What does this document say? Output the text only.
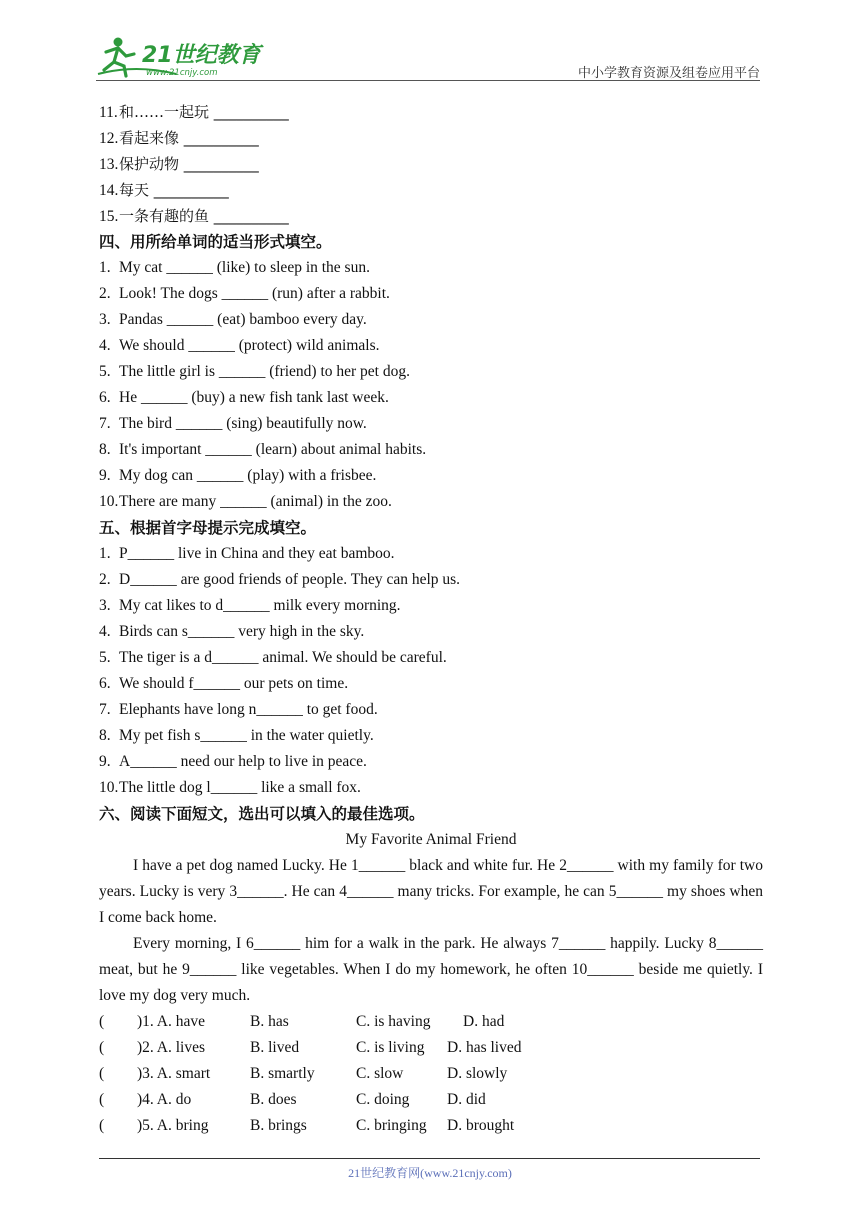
21世纪教育
www.21cnjy.com	中小学教育资源及组卷应用平台
11.和……一起玩 __________
12.看起来像 __________
13.保护动物 __________
14.每天 __________
15.一条有趣的鱼 __________
四、用所给单词的适当形式填空。
1. My cat ______ (like) to sleep in the sun.
2. Look! The dogs ______ (run) after a rabbit.
3. Pandas ______ (eat) bamboo every day.
4. We should ______ (protect) wild animals.
5. The little girl is ______ (friend) to her pet dog.
6. He ______ (buy) a new fish tank last week.
7. The bird ______ (sing) beautifully now.
8. It's important ______ (learn) about animal habits.
9. My dog can ______ (play) with a frisbee.
10.There are many ______ (animal) in the zoo.
五、根据首字母提示完成填空。
1. P______ live in China and they eat bamboo.
2. D______ are good friends of people. They can help us.
3. My cat likes to d______ milk every morning.
4. Birds can s______ very high in the sky.
5. The tiger is a d______ animal. We should be careful.
6. We should f______ our pets on time.
7. Elephants have long n______ to get food.
8. My pet fish s______ in the water quietly.
9. A______ need our help to live in peace.
10.The little dog l______ like a small fox.
六、阅读下面短文，选出可以填入的最佳选项。
My Favorite Animal Friend

I have a pet dog named Lucky. He 1______ black and white fur. He 2______ with my family for two years. Lucky is very 3______. He can 4______ many tricks. For example, he can 5______ my shoes when I come back home.

Every morning, I 6______ him for a walk in the park. He always 7______ happily. Lucky 8______ meat, but he 9______ like vegetables. When I do my homework, he often 10______ beside me quietly. I love my dog very much.

( )1. A. have	B. has	C. is having D. had
( )2. A. lives	B. lived	C. is living D. has lived
( )3. A. smart	B. smartly	C. slow	D. slowly
( )4. A. do	B. does	C. doing D. did
( )5. A. bring	B. brings	C. bringing D. brought
21世纪教育网(www.21cnjy.com)
